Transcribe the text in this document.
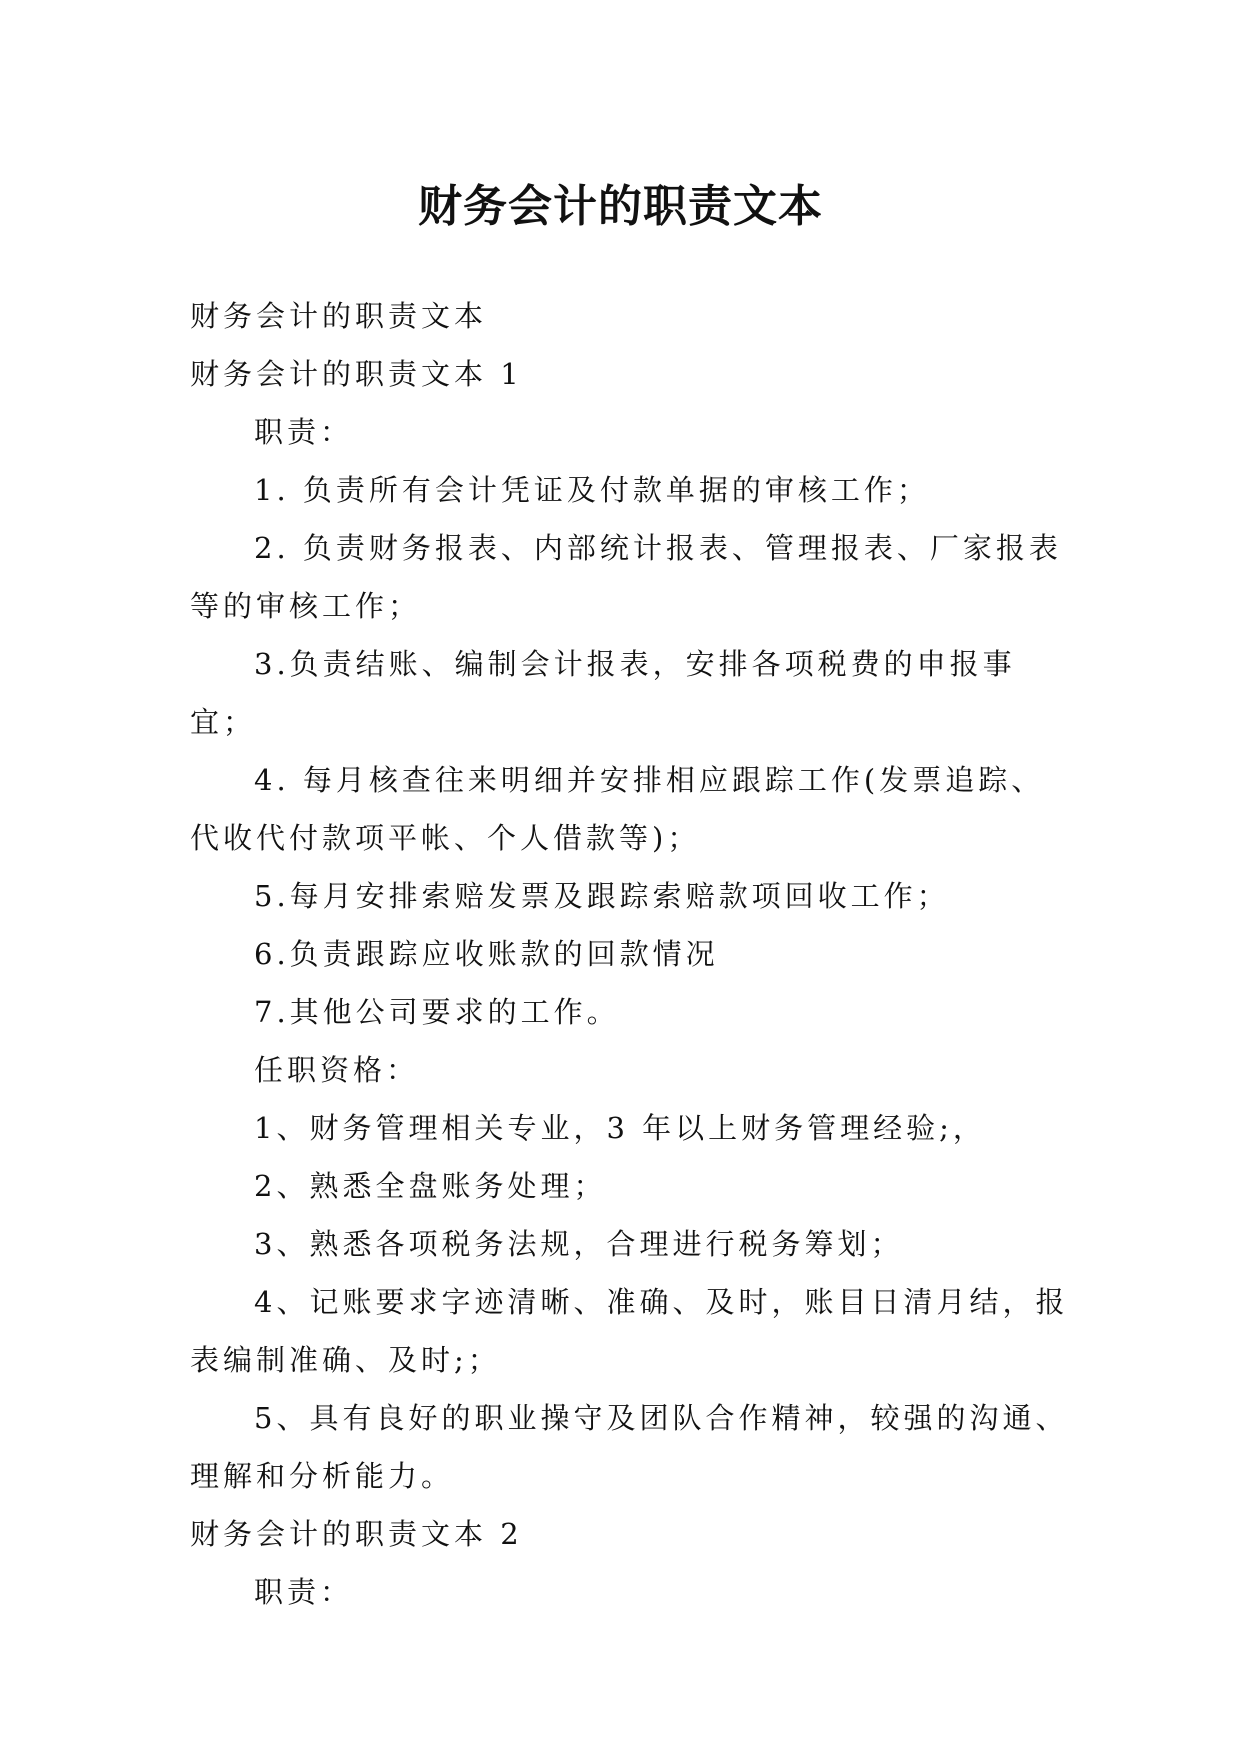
财务会计的职责文本

财务会计的职责文本

财务会计的职责文本 1

职责：

1. 负责所有会计凭证及付款单据的审核工作；

2. 负责财务报表、内部统计报表、管理报表、厂家报表等的审核工作；

3.负责结账、编制会计报表，安排各项税费的申报事宜；

4. 每月核查往来明细并安排相应跟踪工作(发票追踪、代收代付款项平帐、个人借款等)；

5.每月安排索赔发票及跟踪索赔款项回收工作；

6.负责跟踪应收账款的回款情况

7.其他公司要求的工作。

任职资格：

1、财务管理相关专业，3 年以上财务管理经验;，

2、熟悉全盘账务处理；

3、熟悉各项税务法规，合理进行税务筹划；

4、记账要求字迹清晰、准确、及时，账目日清月结，报表编制准确、及时;；

5、具有良好的职业操守及团队合作精神，较强的沟通、理解和分析能力。

财务会计的职责文本 2

职责：
